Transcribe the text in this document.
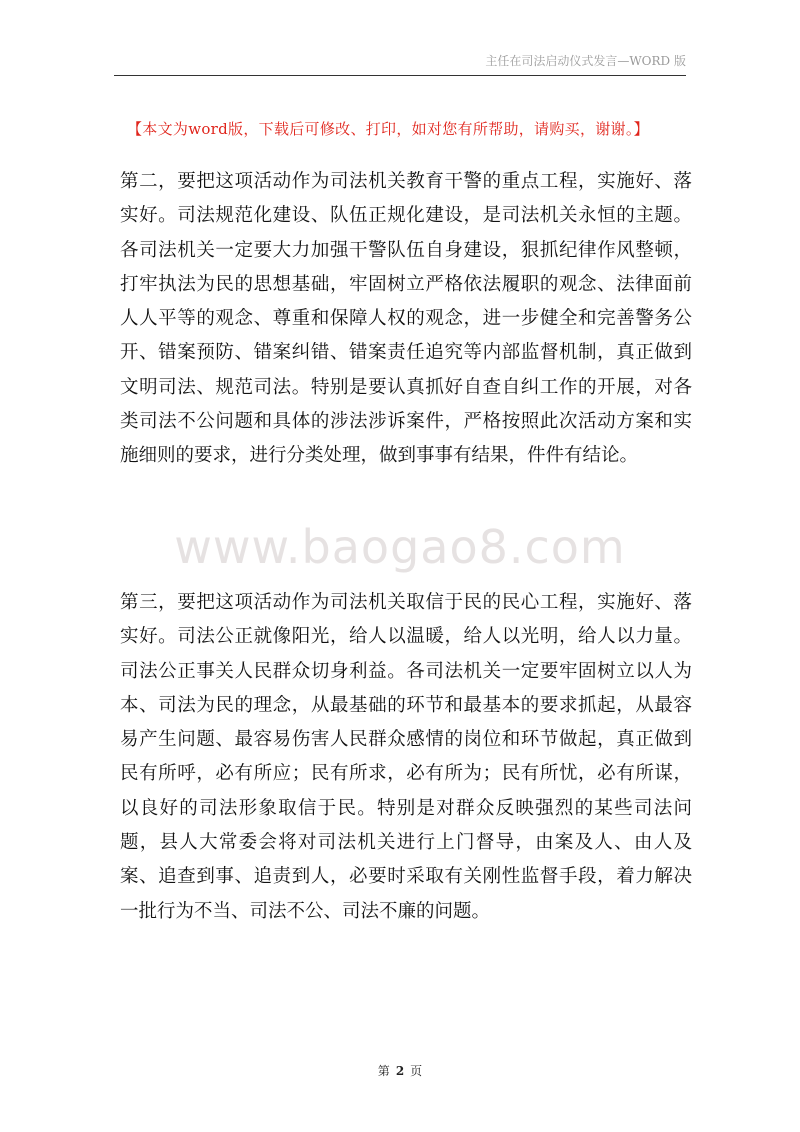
主任在司法启动仪式发言—WORD 版
【本文为word版，下载后可修改、打印，如对您有所帮助，请购买，谢谢。】

第二，要把这项活动作为司法机关教育干警的重点工程，实施好、落实好。司法规范化建设、队伍正规化建设，是司法机关永恒的主题。各司法机关一定要大力加强干警队伍自身建设，狠抓纪律作风整顿，打牢执法为民的思想基础，牢固树立严格依法履职的观念、法律面前人人平等的观念、尊重和保障人权的观念，进一步健全和完善警务公开、错案预防、错案纠错、错案责任追究等内部监督机制，真正做到文明司法、规范司法。特别是要认真抓好自查自纠工作的开展，对各类司法不公问题和具体的涉法涉诉案件，严格按照此次活动方案和实施细则的要求，进行分类处理，做到事事有结果，件件有结论。

www.baogao8.com

第三，要把这项活动作为司法机关取信于民的民心工程，实施好、落实好。司法公正就像阳光，给人以温暖，给人以光明，给人以力量。司法公正事关人民群众切身利益。各司法机关一定要牢固树立以人为本、司法为民的理念，从最基础的环节和最基本的要求抓起，从最容易产生问题、最容易伤害人民群众感情的岗位和环节做起，真正做到民有所呼，必有所应；民有所求，必有所为；民有所忧，必有所谋，以良好的司法形象取信于民。特别是对群众反映强烈的某些司法问题，县人大常委会将对司法机关进行上门督导，由案及人、由人及案、追查到事、追责到人，必要时采取有关刚性监督手段，着力解决一批行为不当、司法不公、司法不廉的问题。

第 2 页
